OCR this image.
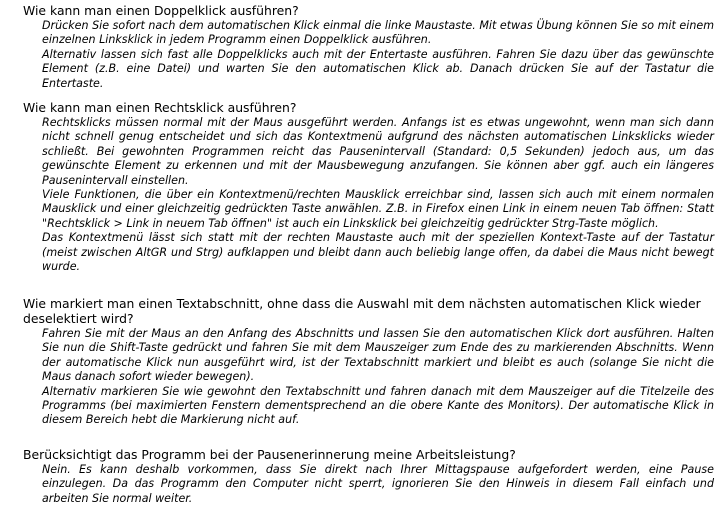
Wie kann man einen Doppelklick ausführen?

Drücken Sie sofort nach dem automatischen Klick einmal die linke Maustaste. Mit etwas Übung können Sie so mit einem einzelnen Linksklick in jedem Programm einen Doppelklick ausführen.

Alternativ lassen sich fast alle Doppelklicks auch mit der Entertaste ausführen. Fahren Sie dazu über das gewünschte Element (z.B. eine Datei) und warten Sie den automatischen Klick ab. Danach drücken Sie auf der Tastatur die Entertaste.

Wie kann man einen Rechtsklick ausführen?

Rechtsklicks müssen normal mit der Maus ausgeführt werden. Anfangs ist es etwas ungewohnt, wenn man sich dann nicht schnell genug entscheidet und sich das Kontextmenü aufgrund des nächsten automatischen Linksklicks wieder schließt. Bei gewohnten Programmen reicht das Pausenintervall (Standard: 0,5 Sekunden) jedoch aus, um das gewünschte Element zu erkennen und mit der Mausbewegung anzufangen. Sie können aber ggf. auch ein längeres Pausenintervall einstellen.

Viele Funktionen, die über ein Kontextmenü/rechten Mausklick erreichbar sind, lassen sich auch mit einem normalen Mausklick und einer gleichzeitig gedrückten Taste anwählen. Z.B. in Firefox einen Link in einem neuen Tab öffnen: Statt "Rechtsklick > Link in neuem Tab öffnen" ist auch ein Linksklick bei gleichzeitig gedrückter Strg-Taste möglich.

Das Kontextmenü lässt sich statt mit der rechten Maustaste auch mit der speziellen Kontext-Taste auf der Tastatur (meist zwischen AltGR und Strg) aufklappen und bleibt dann auch beliebig lange offen, da dabei die Maus nicht bewegt wurde.

Wie markiert man einen Textabschnitt, ohne dass die Auswahl mit dem nächsten automatischen Klick wieder deselektiert wird?

Fahren Sie mit der Maus an den Anfang des Abschnitts und lassen Sie den automatischen Klick dort ausführen. Halten Sie nun die Shift-Taste gedrückt und fahren Sie mit dem Mauszeiger zum Ende des zu markierenden Abschnitts. Wenn der automatische Klick nun ausgeführt wird, ist der Textabschnitt markiert und bleibt es auch (solange Sie nicht die Maus danach sofort wieder bewegen).

Alternativ markieren Sie wie gewohnt den Textabschnitt und fahren danach mit dem Mauszeiger auf die Titelzeile des Programms (bei maximierten Fenstern dementsprechend an die obere Kante des Monitors). Der automatische Klick in diesem Bereich hebt die Markierung nicht auf.

Berücksichtigt das Programm bei der Pausenerinnerung meine Arbeitsleistung?

Nein. Es kann deshalb vorkommen, dass Sie direkt nach Ihrer Mittagspause aufgefordert werden, eine Pause einzulegen. Da das Programm den Computer nicht sperrt, ignorieren Sie den Hinweis in diesem Fall einfach und arbeiten Sie normal weiter.
